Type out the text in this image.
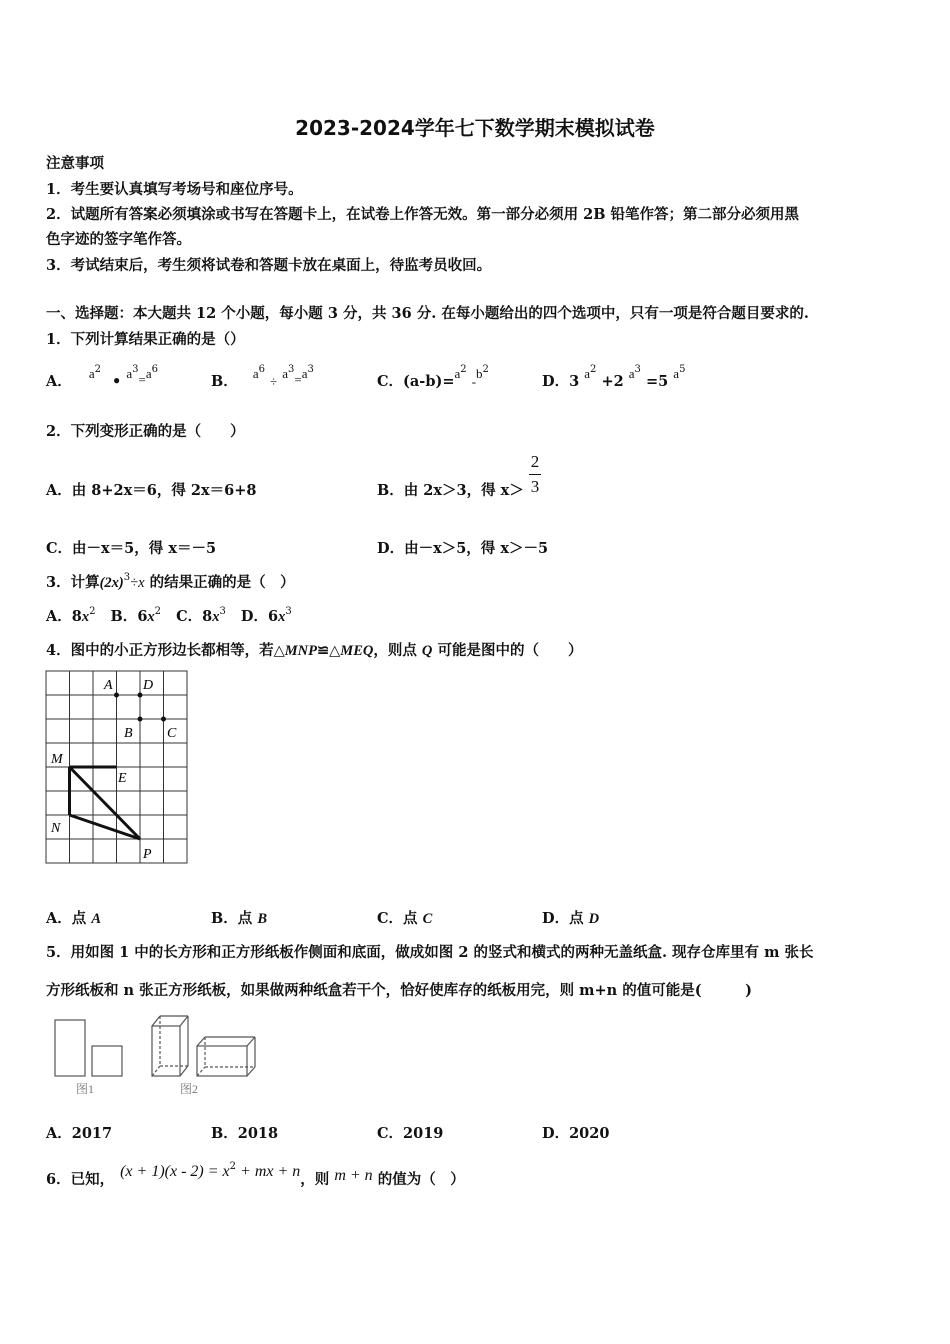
2023-2024学年七下数学期末模拟试卷
注意事项
1．考生要认真填写考场号和座位序号。
2．试题所有答案必须填涂或书写在答题卡上，在试卷上作答无效。第一部分必须用 2B 铅笔作答；第二部分必须用黑
色字迹的签字笔作答。
3．考试结束后，考生须将试卷和答题卡放在桌面上，待监考员收回。
一、选择题：本大题共 12 个小题，每小题 3 分，共 36 分. 在每小题给出的四个选项中，只有一项是符合题目要求的.
1．下列计算结果正确的是（）
A． $a^2$ • $a^3=a^6$
B． $a^6 \div a^3=a^3$
C．$(a-b)=a^2$ $-b^2$
D．3 $a^2 +2$ $a^3 =5$ $a^5$
2．下列变形正确的是（　　）
A．由 8+2x＝6，得 2x＝6+8	B．由 2x＞3，得 x＞
2
3
C．由－x＝5，得 x＝－5	D．由－x＞5，得 x＞－5
3．计算$(2x)^3\div x$ 的结果正确的是（　）
A．$8x^2$ B．$6x^2$ C．$8x^3$ D．$6x^3$
4．图中的小正方形边长都相等，若△MNP≌△MEQ，则点 Q 可能是图中的（　　）
A D
B C
M
E
N
P
A．点 A	B．点 B	C．点 C	D．点 D
5．用如图 1 中的长方形和正方形纸板作侧面和底面，做成如图 2 的竖式和横式的两种无盖纸盒. 现存仓库里有 m 张长
方形纸板和 n 张正方形纸板，如果做两种纸盒若干个，恰好使库存的纸板用完，则 m+n 的值可能是(　　　)
图1	图2
A．2017	B．2018	C．2019	D．2020
6．已知， $(x + 1)(x - 2) = x^2$ + mx + n，则 m + n 的值为（　）
